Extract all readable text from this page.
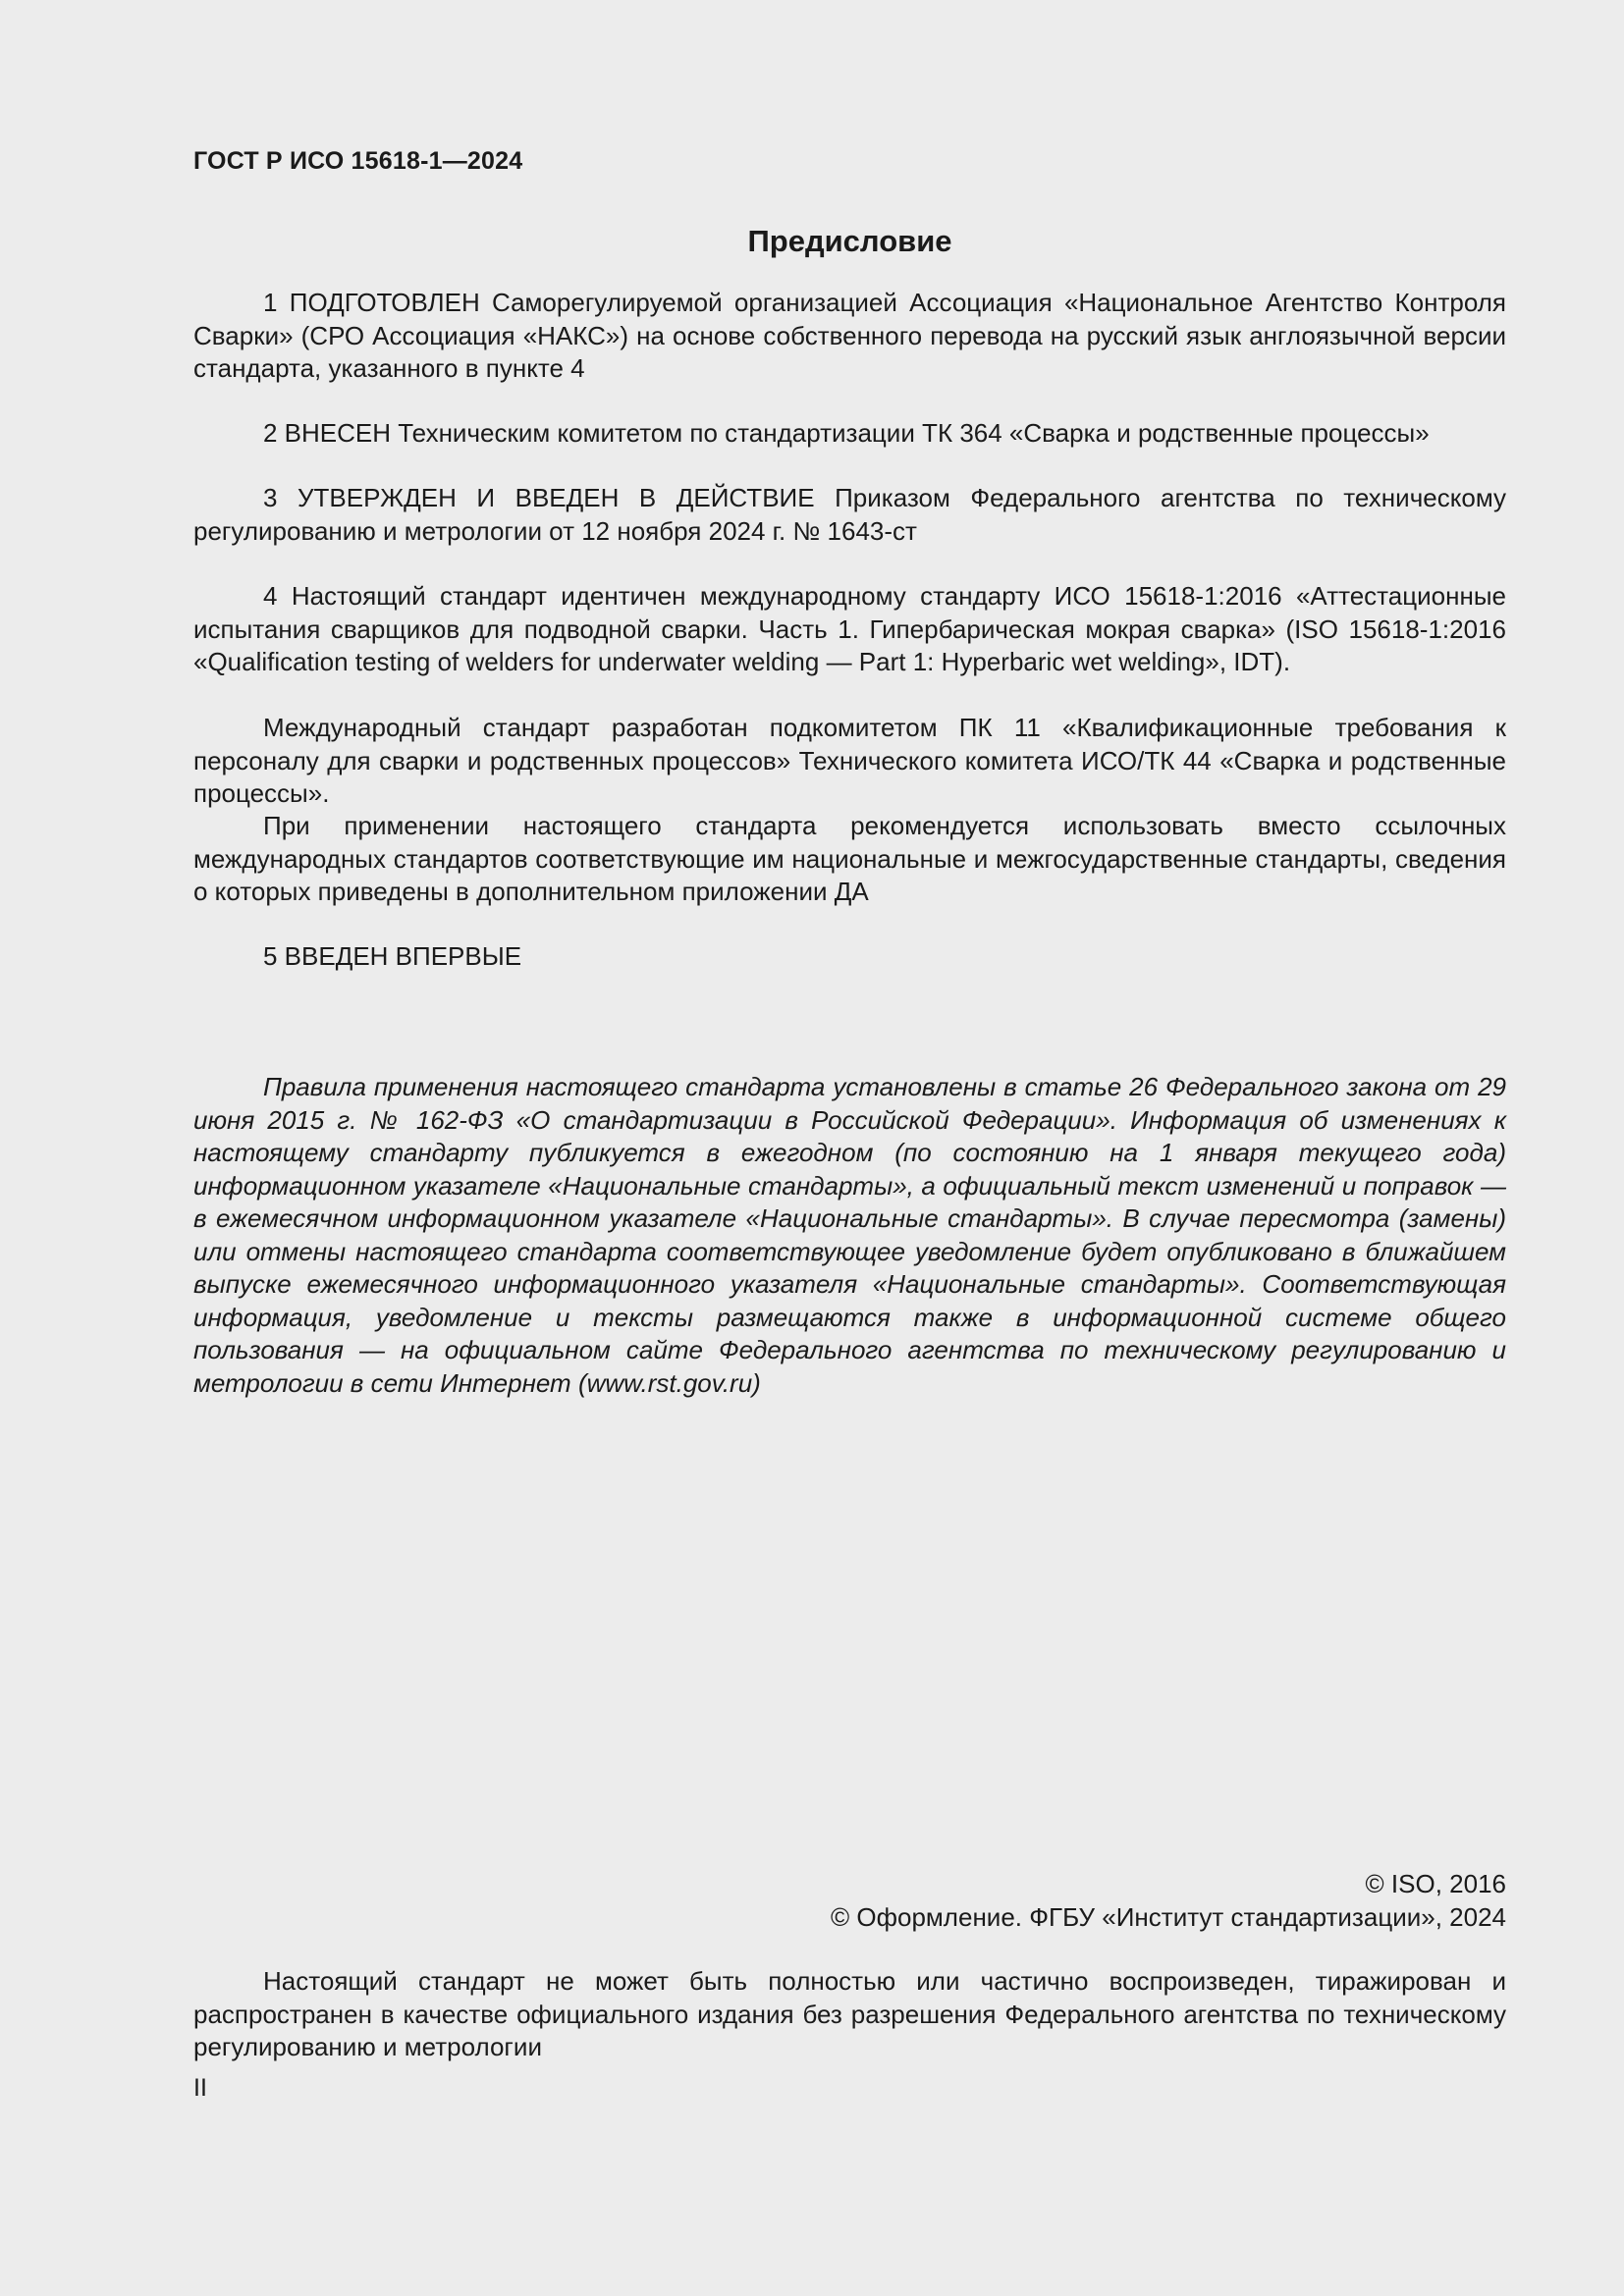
ГОСТ Р ИСО 15618-1—2024
Предисловие

1 ПОДГОТОВЛЕН Саморегулируемой организацией Ассоциация «Национальное Агентство Контроля Сварки» (СРО Ассоциация «НАКС») на основе собственного перевода на русский язык англоязычной версии стандарта, указанного в пункте 4

2 ВНЕСЕН Техническим комитетом по стандартизации ТК 364 «Сварка и родственные процессы»

3 УТВЕРЖДЕН И ВВЕДЕН В ДЕЙСТВИЕ Приказом Федерального агентства по техническому регулированию и метрологии от 12 ноября 2024 г. № 1643-ст

4 Настоящий стандарт идентичен международному стандарту ИСО 15618-1:2016 «Аттестационные испытания сварщиков для подводной сварки. Часть 1. Гипербарическая мокрая сварка» (ISO 15618-1:2016 «Qualification testing of welders for underwater welding — Part 1: Hyperbaric wet welding», IDT).

Международный стандарт разработан подкомитетом ПК 11 «Квалификационные требования к персоналу для сварки и родственных процессов» Технического комитета ИСО/ТК 44 «Сварка и родственные процессы».

При применении настоящего стандарта рекомендуется использовать вместо ссылочных международных стандартов соответствующие им национальные и межгосударственные стандарты, сведения о которых приведены в дополнительном приложении ДА

5 ВВЕДЕН ВПЕРВЫЕ

Правила применения настоящего стандарта установлены в статье 26 Федерального закона от 29 июня 2015 г. № 162-ФЗ «О стандартизации в Российской Федерации». Информация об изменениях к настоящему стандарту публикуется в ежегодном (по состоянию на 1 января текущего года) информационном указателе «Национальные стандарты», а официальный текст изменений и поправок — в ежемесячном информационном указателе «Национальные стандарты». В случае пересмотра (замены) или отмены настоящего стандарта соответствующее уведомление будет опубликовано в ближайшем выпуске ежемесячного информационного указателя «Национальные стандарты». Соответствующая информация, уведомление и тексты размещаются также в информационной системе общего пользования — на официальном сайте Федерального агентства по техническому регулированию и метрологии в сети Интернет (www.rst.gov.ru)

© ISO, 2016
© Оформление. ФГБУ «Институт стандартизации», 2024

Настоящий стандарт не может быть полностью или частично воспроизведен, тиражирован и распространен в качестве официального издания без разрешения Федерального агентства по техническому регулированию и метрологии

II
